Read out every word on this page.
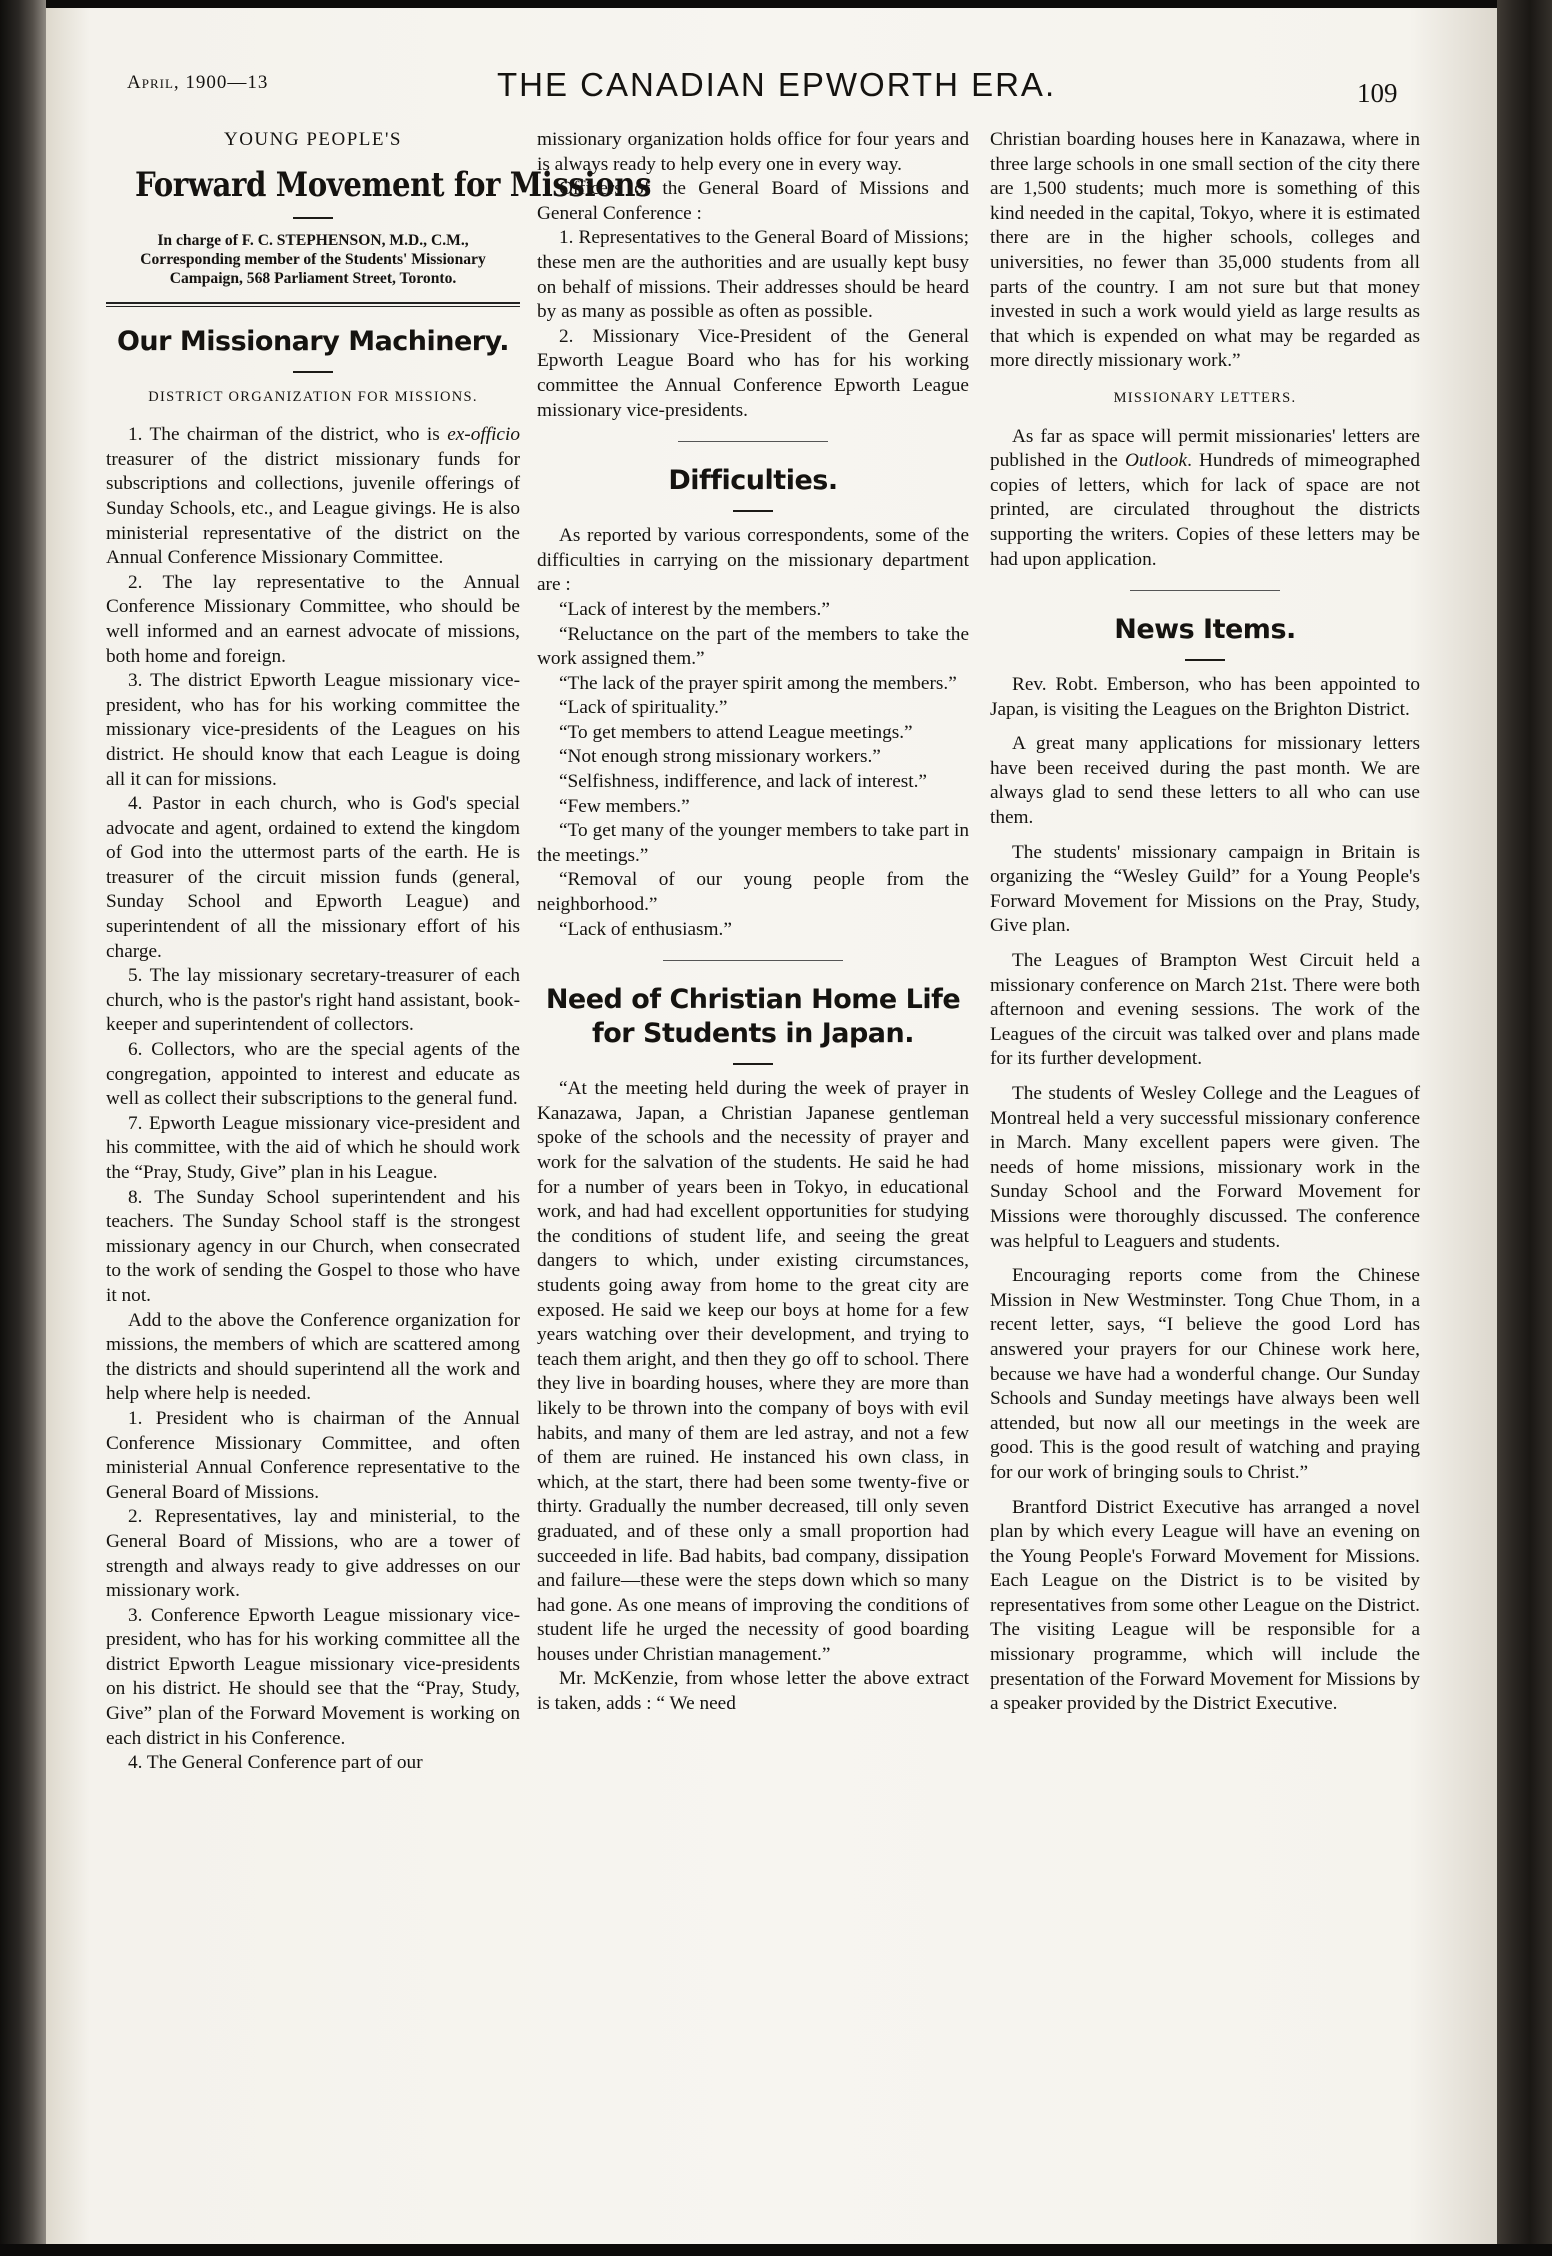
April, 1900—13	THE CANADIAN EPWORTH ERA.	109
YOUNG PEOPLE'S
Forward Movement for Missions
In charge of F. C. STEPHENSON, M.D., C.M., Corresponding member of the Students' Missionary Campaign, 568 Parliament Street, Toronto.
Our Missionary Machinery.
DISTRICT ORGANIZATION FOR MISSIONS.

1. The chairman of the district, who is ex-officio treasurer of the district missionary funds for subscriptions and collections, juvenile offerings of Sunday Schools, etc., and League givings. He is also ministerial representative of the district on the Annual Conference Missionary Committee.

2. The lay representative to the Annual Conference Missionary Committee, who should be well informed and an earnest advocate of missions, both home and foreign.

3. The district Epworth League missionary vice-president, who has for his working committee the missionary vice-presidents of the Leagues on his district. He should know that each League is doing all it can for missions.

4. Pastor in each church, who is God's special advocate and agent, ordained to extend the kingdom of God into the uttermost parts of the earth. He is treasurer of the circuit mission funds (general, Sunday School and Epworth League) and superintendent of all the missionary effort of his charge.

5. The lay missionary secretary-treasurer of each church, who is the pastor's right hand assistant, book-keeper and superintendent of collectors.

6. Collectors, who are the special agents of the congregation, appointed to interest and educate as well as collect their subscriptions to the general fund.

7. Epworth League missionary vice-president and his committee, with the aid of which he should work the “Pray, Study, Give” plan in his League.

8. The Sunday School superintendent and his teachers. The Sunday School staff is the strongest missionary agency in our Church, when consecrated to the work of sending the Gospel to those who have it not.

Add to the above the Conference organization for missions, the members of which are scattered among the districts and should superintend all the work and help where help is needed.

1. President who is chairman of the Annual Conference Missionary Committee, and often ministerial Annual Conference representative to the General Board of Missions.

2. Representatives, lay and ministerial, to the General Board of Missions, who are a tower of strength and always ready to give addresses on our missionary work.

3. Conference Epworth League missionary vice-president, who has for his working committee all the district Epworth League missionary vice-presidents on his district. He should see that the “Pray, Study, Give” plan of the Forward Movement is working on each district in his Conference.

4. The General Conference part of our

missionary organization holds office for four years and is always ready to help every one in every way.

Officers of the General Board of Missions and General Conference :

1. Representatives to the General Board of Missions; these men are the authorities and are usually kept busy on behalf of missions. Their addresses should be heard by as many as possible as often as possible.

2. Missionary Vice-President of the General Epworth League Board who has for his working committee the Annual Conference Epworth League missionary vice-presidents.

Difficulties.

As reported by various correspondents, some of the difficulties in carrying on the missionary department are :

“Lack of interest by the members.”

“Reluctance on the part of the members to take the work assigned them.”

“The lack of the prayer spirit among the members.”

“Lack of spirituality.”

“To get members to attend League meetings.”

“Not enough strong missionary workers.”

“Selfishness, indifference, and lack of interest.”

“Few members.”

“To get many of the younger members to take part in the meetings.”

“Removal of our young people from the neighborhood.”

“Lack of enthusiasm.”

Need of Christian Home Life
for Students in Japan.

“At the meeting held during the week of prayer in Kanazawa, Japan, a Christian Japanese gentleman spoke of the schools and the necessity of prayer and work for the salvation of the students. He said he had for a number of years been in Tokyo, in educational work, and had had excellent opportunities for studying the conditions of student life, and seeing the great dangers to which, under existing circumstances, students going away from home to the great city are exposed. He said we keep our boys at home for a few years watching over their development, and trying to teach them aright, and then they go off to school. There they live in boarding houses, where they are more than likely to be thrown into the company of boys with evil habits, and many of them are led astray, and not a few of them are ruined. He instanced his own class, in which, at the start, there had been some twenty-five or thirty. Gradually the number decreased, till only seven graduated, and of these only a small proportion had succeeded in life. Bad habits, bad company, dissipation and failure—these were the steps down which so many had gone. As one means of improving the conditions of student life he urged the necessity of good boarding houses under Christian management.”

Mr. McKenzie, from whose letter the above extract is taken, adds : “ We need

Christian boarding houses here in Kanazawa, where in three large schools in one small section of the city there are 1,500 students; much more is something of this kind needed in the capital, Tokyo, where it is estimated there are in the higher schools, colleges and universities, no fewer than 35,000 students from all parts of the country. I am not sure but that money invested in such a work would yield as large results as that which is expended on what may be regarded as more directly missionary work.”

MISSIONARY LETTERS.

As far as space will permit missionaries' letters are published in the Outlook. Hundreds of mimeographed copies of letters, which for lack of space are not printed, are circulated throughout the districts supporting the writers. Copies of these letters may be had upon application.

News Items.

Rev. Robt. Emberson, who has been appointed to Japan, is visiting the Leagues on the Brighton District.

A great many applications for missionary letters have been received during the past month. We are always glad to send these letters to all who can use them.

The students' missionary campaign in Britain is organizing the “Wesley Guild” for a Young People's Forward Movement for Missions on the Pray, Study, Give plan.

The Leagues of Brampton West Circuit held a missionary conference on March 21st. There were both afternoon and evening sessions. The work of the Leagues of the circuit was talked over and plans made for its further development.

The students of Wesley College and the Leagues of Montreal held a very successful missionary conference in March. Many excellent papers were given. The needs of home missions, missionary work in the Sunday School and the Forward Movement for Missions were thoroughly discussed. The conference was helpful to Leaguers and students.

Encouraging reports come from the Chinese Mission in New Westminster. Tong Chue Thom, in a recent letter, says, “I believe the good Lord has answered your prayers for our Chinese work here, because we have had a wonderful change. Our Sunday Schools and Sunday meetings have always been well attended, but now all our meetings in the week are good. This is the good result of watching and praying for our work of bringing souls to Christ.”

Brantford District Executive has arranged a novel plan by which every League will have an evening on the Young People's Forward Movement for Missions. Each League on the District is to be visited by representatives from some other League on the District. The visiting League will be responsible for a missionary programme, which will include the presentation of the Forward Movement for Missions by a speaker provided by the District Executive.
